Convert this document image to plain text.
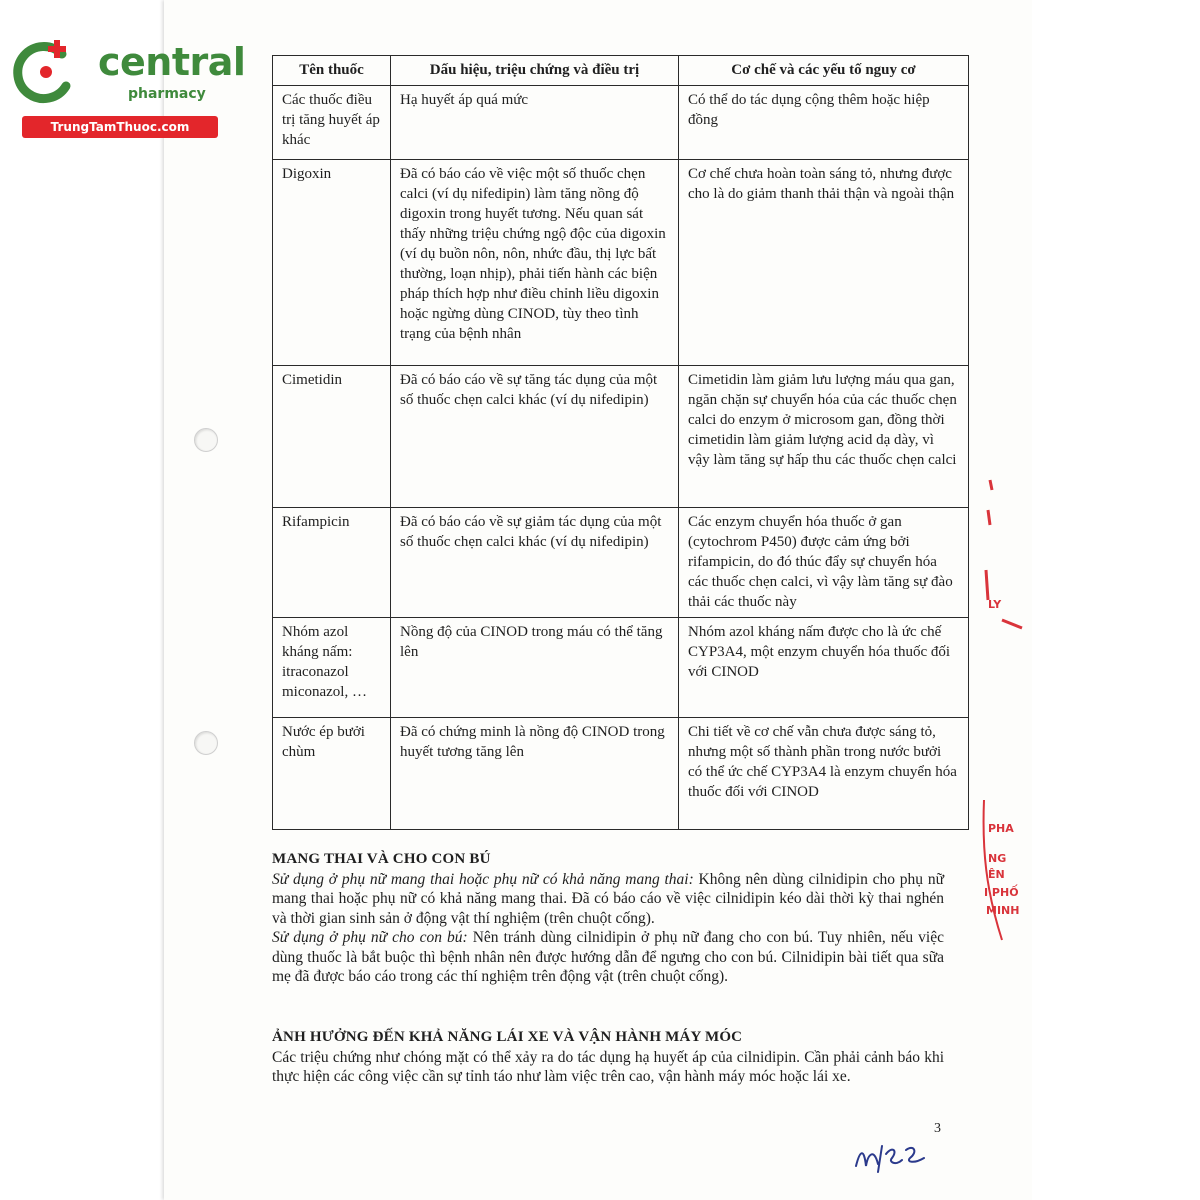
central
pharmacy
TrungTamThuoc.com
Tên thuốc	Dấu hiệu, triệu chứng và điều trị	Cơ chế và các yếu tố nguy cơ
Các thuốc điều trị tăng huyết áp khác	Hạ huyết áp quá mức	Có thể do tác dụng cộng thêm hoặc hiệp đồng
Digoxin	Đã có báo cáo về việc một số thuốc chẹn calci (ví dụ nifedipin) làm tăng nồng độ digoxin trong huyết tương. Nếu quan sát thấy những triệu chứng ngộ độc của digoxin (ví dụ buồn nôn, nôn, nhức đầu, thị lực bất thường, loạn nhịp), phải tiến hành các biện pháp thích hợp như điều chỉnh liều digoxin hoặc ngừng dùng CINOD, tùy theo tình trạng của bệnh nhân	Cơ chế chưa hoàn toàn sáng tỏ, nhưng được cho là do giảm thanh thải thận và ngoài thận
Cimetidin	Đã có báo cáo về sự tăng tác dụng của một số thuốc chẹn calci khác (ví dụ nifedipin)	Cimetidin làm giảm lưu lượng máu qua gan, ngăn chặn sự chuyển hóa của các thuốc chẹn calci do enzym ở microsom gan, đồng thời cimetidin làm giảm lượng acid dạ dày, vì vậy làm tăng sự hấp thu các thuốc chẹn calci
Rifampicin	Đã có báo cáo về sự giảm tác dụng của một số thuốc chẹn calci khác (ví dụ nifedipin)	Các enzym chuyển hóa thuốc ở gan (cytochrom P450) được cảm ứng bởi rifampicin, do đó thúc đẩy sự chuyển hóa các thuốc chẹn calci, vì vậy làm tăng sự đào thải các thuốc này
Nhóm azol kháng nấm: itraconazol miconazol, …	Nồng độ của CINOD trong máu có thể tăng lên	Nhóm azol kháng nấm được cho là ức chế CYP3A4, một enzym chuyển hóa thuốc đối với CINOD
Nước ép bưởi chùm	Đã có chứng minh là nồng độ CINOD trong huyết tương tăng lên	Chi tiết về cơ chế vẫn chưa được sáng tỏ, nhưng một số thành phần trong nước bưởi có thể ức chế CYP3A4 là enzym chuyển hóa thuốc đối với CINOD
MANG THAI VÀ CHO CON BÚ

Sử dụng ở phụ nữ mang thai hoặc phụ nữ có khả năng mang thai: Không nên dùng cilnidipin cho phụ nữ mang thai hoặc phụ nữ có khả năng mang thai. Đã có báo cáo về việc cilnidipin kéo dài thời kỳ thai nghén và thời gian sinh sản ở động vật thí nghiệm (trên chuột cống).

Sử dụng ở phụ nữ cho con bú: Nên tránh dùng cilnidipin ở phụ nữ đang cho con bú. Tuy nhiên, nếu việc dùng thuốc là bắt buộc thì bệnh nhân nên được hướng dẫn để ngưng cho con bú. Cilnidipin bài tiết qua sữa mẹ đã được báo cáo trong các thí nghiệm trên động vật (trên chuột cống).

ẢNH HƯỞNG ĐẾN KHẢ NĂNG LÁI XE VÀ VẬN HÀNH MÁY MÓC

Các triệu chứng như chóng mặt có thể xảy ra do tác dụng hạ huyết áp của cilnidipin. Cần phải cảnh báo khi thực hiện các công việc cần sự tỉnh táo như làm việc trên cao, vận hành máy móc hoặc lái xe.

3
LY
PHA
NG
ÊN
I PHỐ
MINH
